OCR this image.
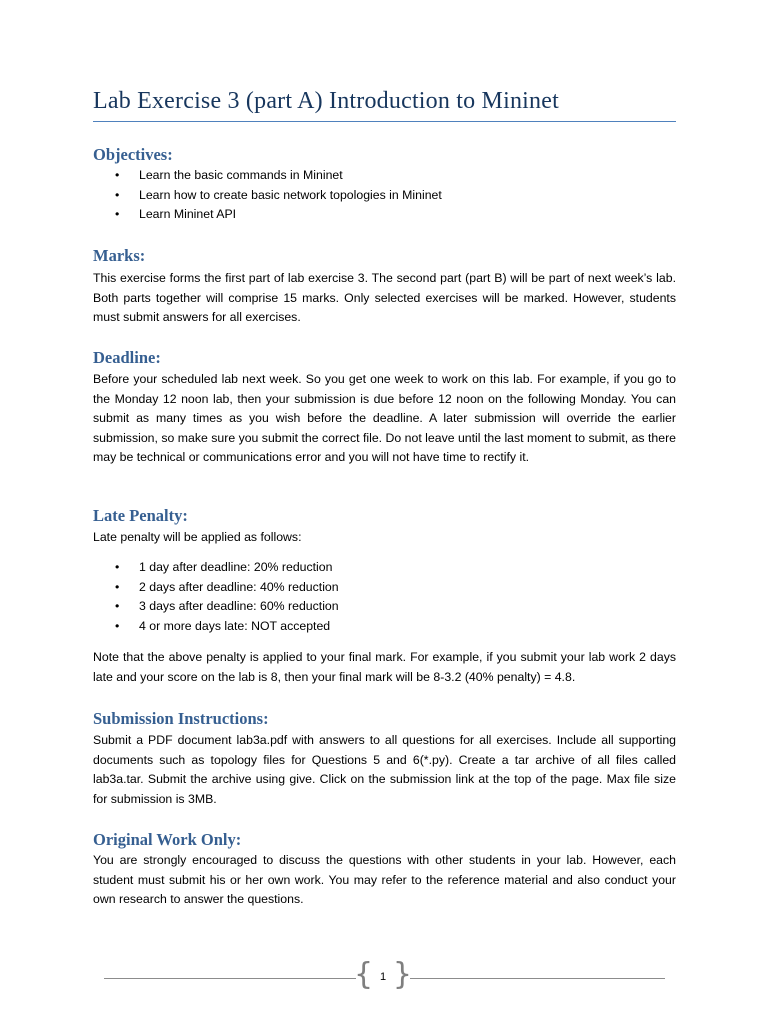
Lab Exercise 3 (part A) Introduction to Mininet
Objectives:
• Learn the basic commands in Mininet
• Learn how to create basic network topologies in Mininet
• Learn Mininet API
Marks:

This exercise forms the first part of lab exercise 3. The second part (part B) will be part of next week’s lab. Both parts together will comprise 15 marks. Only selected exercises will be marked. However, students must submit answers for all exercises.

Deadline:

Before your scheduled lab next week. So you get one week to work on this lab. For example, if you go to the Monday 12 noon lab, then your submission is due before 12 noon on the following Monday. You can submit as many times as you wish before the deadline. A later submission will override the earlier submission, so make sure you submit the correct file. Do not leave until the last moment to submit, as there may be technical or communications error and you will not have time to rectify it.

Late Penalty:

Late penalty will be applied as follows:

• 1 day after deadline: 20% reduction
• 2 days after deadline: 40% reduction
• 3 days after deadline: 60% reduction
• 4 or more days late: NOT accepted

Note that the above penalty is applied to your final mark. For example, if you submit your lab work 2 days late and your score on the lab is 8, then your final mark will be 8-3.2 (40% penalty) = 4.8.

Submission Instructions:

Submit a PDF document lab3a.pdf with answers to all questions for all exercises. Include all supporting documents such as topology files for Questions 5 and 6(*.py). Create a tar archive of all files called lab3a.tar. Submit the archive using give. Click on the submission link at the top of the page. Max file size for submission is 3MB.

Original Work Only:

You are strongly encouraged to discuss the questions with other students in your lab. However, each student must submit his or her own work. You may refer to the reference material and also conduct your own research to answer the questions.

{ 1 }
